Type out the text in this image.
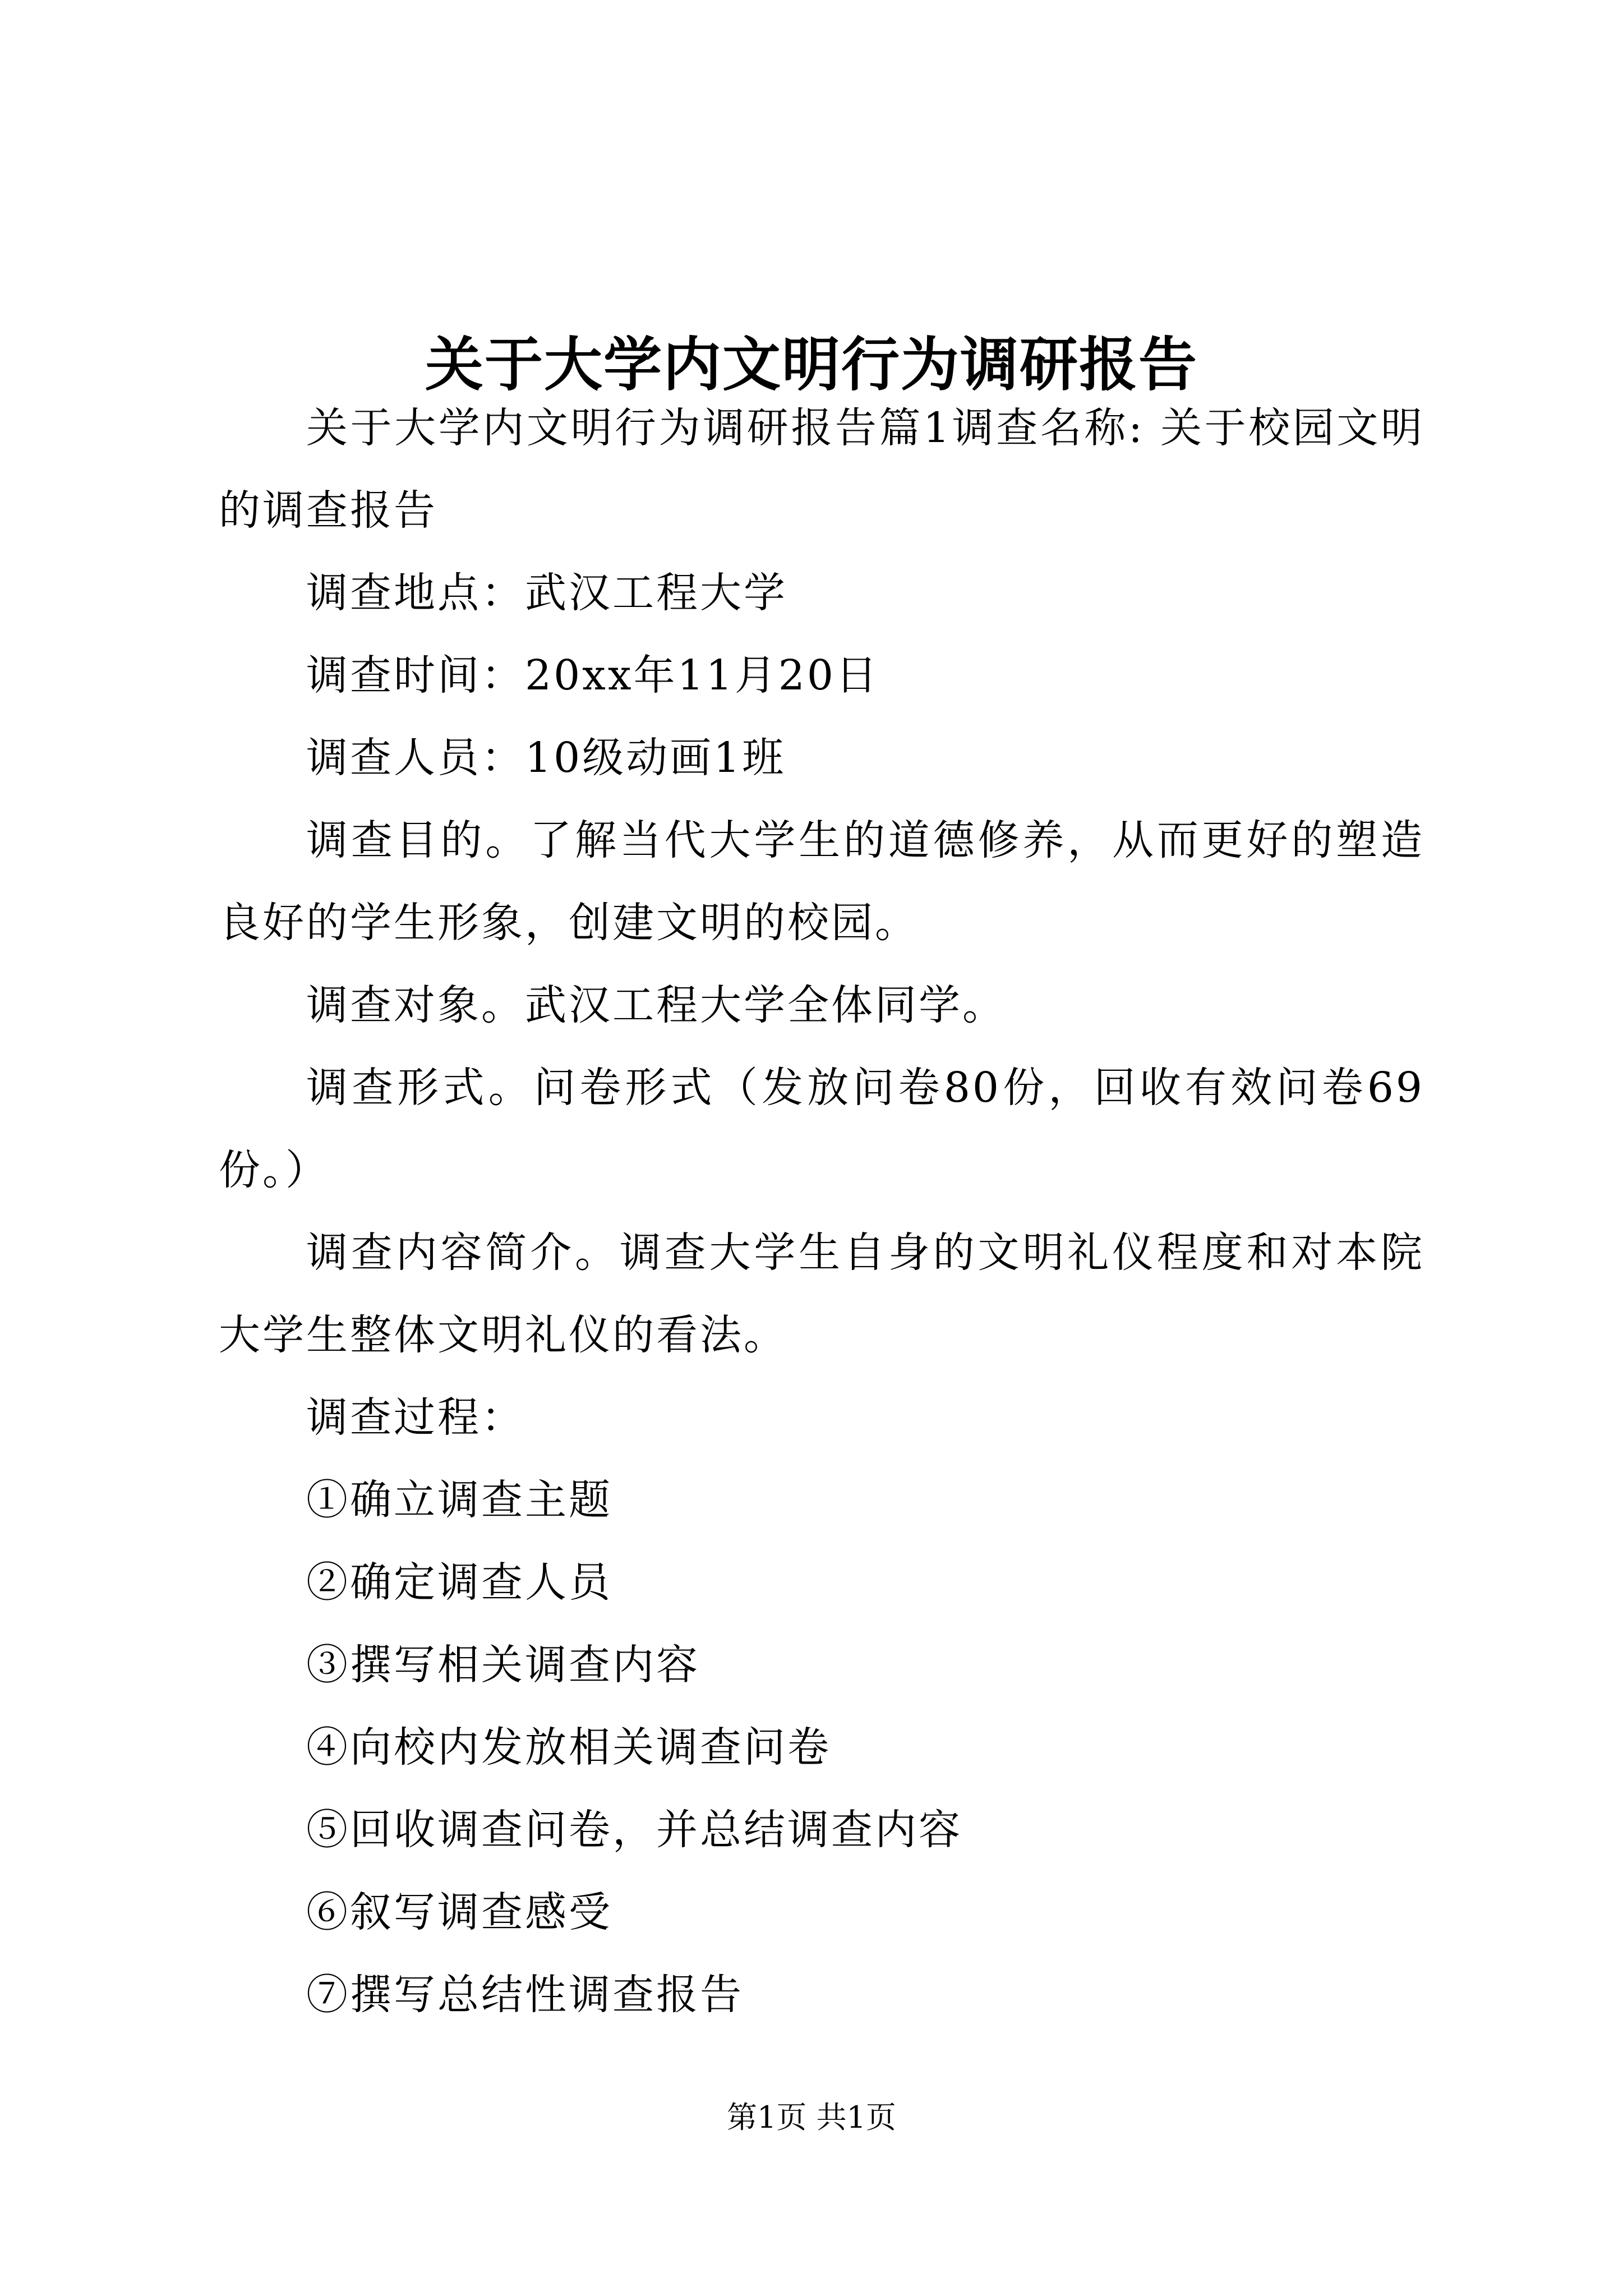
关于大学内文明行为调研报告

关于大学内文明行为调研报告篇1调查名称: 关于校园文明的调查报告

调查地点：武汉工程大学

调查时间：20xx年11月20日

调查人员：10级动画1班

调查目的。了解当代大学生的道德修养，从而更好的塑造良好的学生形象，创建文明的校园。

调查对象。武汉工程大学全体同学。

调查形式。问卷形式（发放问卷80份，回收有效问卷69份。）

调查内容简介。调查大学生自身的文明礼仪程度和对本院大学生整体文明礼仪的看法。

调查过程：

①确立调查主题

②确定调查人员

③撰写相关调查内容

④向校内发放相关调查问卷

⑤回收调查问卷，并总结调查内容

⑥叙写调查感受

⑦撰写总结性调查报告

第1页 共1页
